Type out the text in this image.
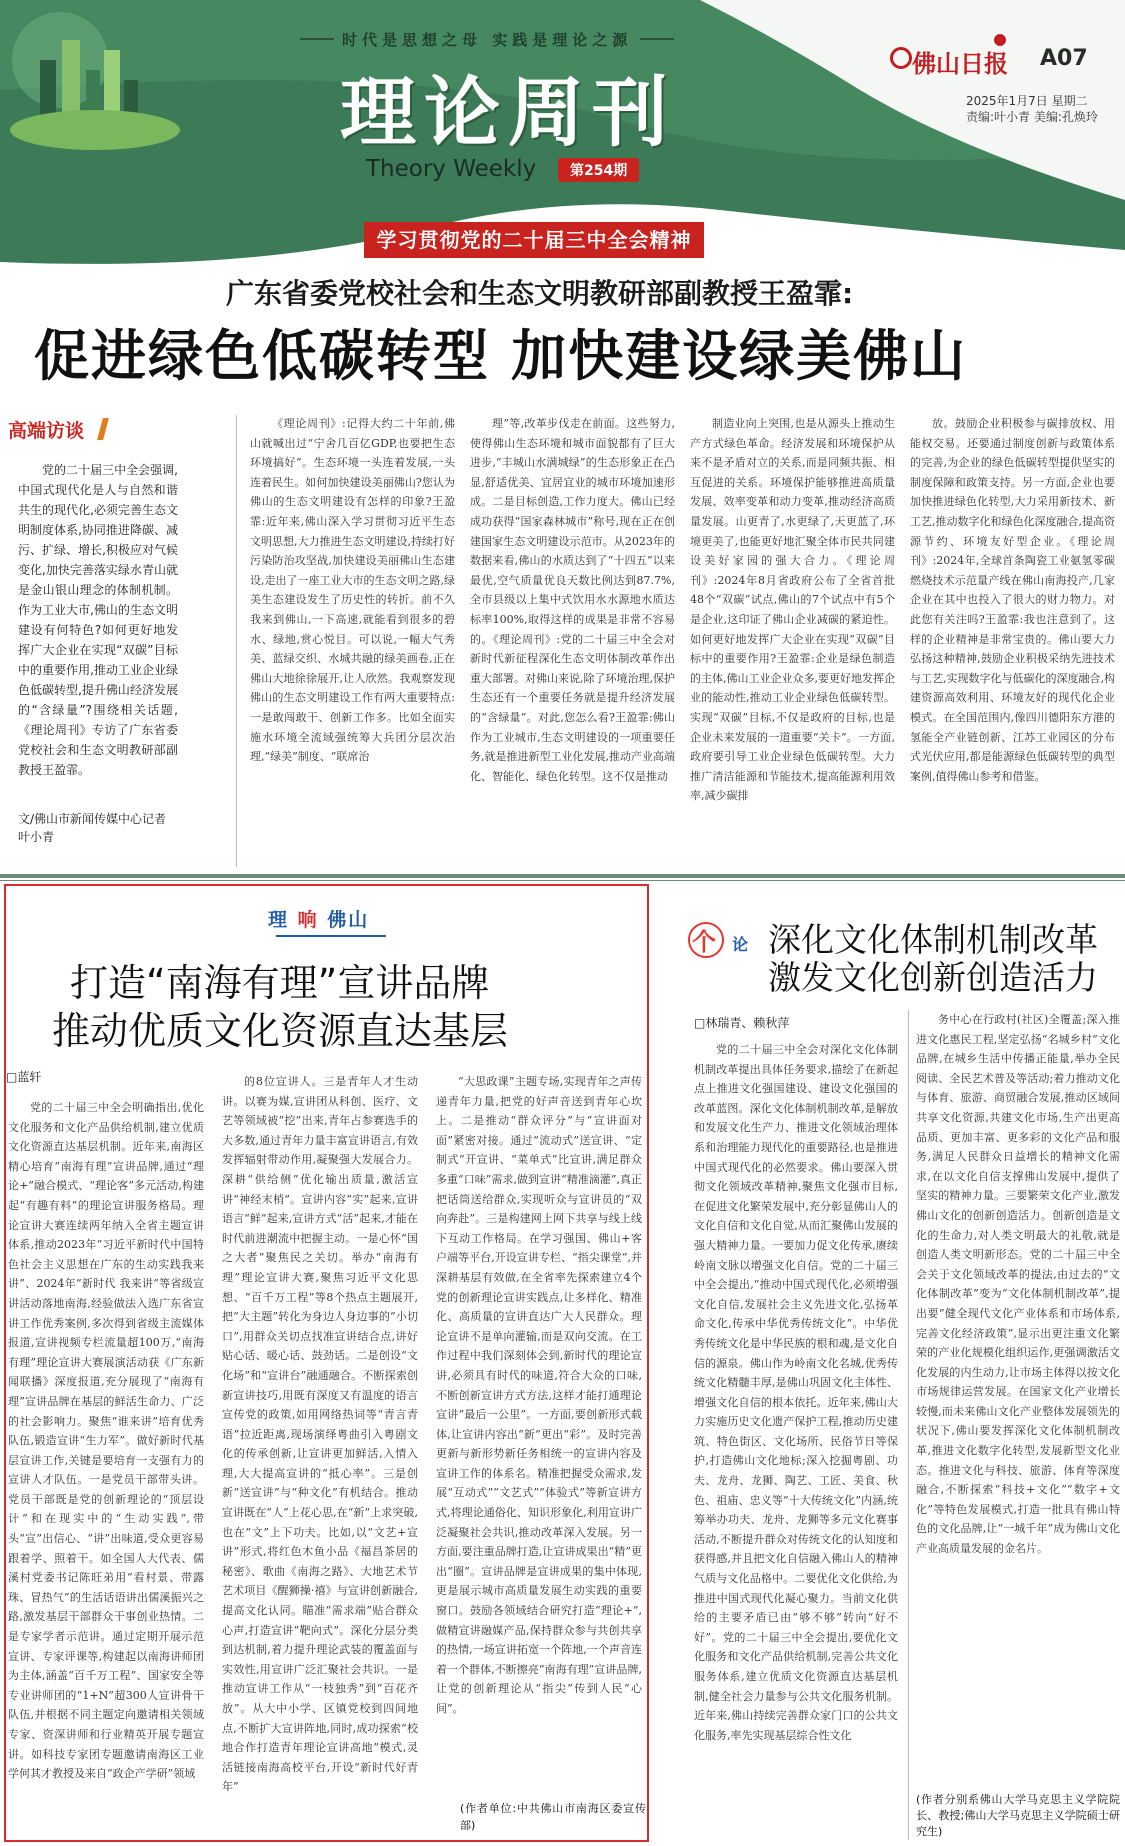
时代是思想之母 实践是理论之源
理论周刊
Theory Weekly	第254期
佛山日报 A07
2025年1月7日 星期二
责编:叶小青 美编:孔焕玲
学习贯彻党的二十届三中全会精神
广东省委党校社会和生态文明教研部副教授王盈霏:
促进绿色低碳转型 加快建设绿美佛山
高端访谈
党的二十届三中全会强调,中国式现代化是人与自然和谐共生的现代化,必须完善生态文明制度体系,协同推进降碳、减污、扩绿、增长,积极应对气候变化,加快完善落实绿水青山就是金山银山理念的体制机制。作为工业大市,佛山的生态文明建设有何特色?如何更好地发挥广大企业在实现“双碳”目标中的重要作用,推动工业企业绿色低碳转型,提升佛山经济发展的“含绿量”?围绕相关话题,《理论周刊》专访了广东省委党校社会和生态文明教研部副教授王盈霏。
文/佛山市新闻传媒中心记者叶小青

《理论周刊》:记得大约二十年前,佛山就喊出过“宁舍几百亿GDP,也要把生态环境搞好”。生态环境一头连着发展,一头连着民生。如何加快建设美丽佛山?您认为佛山的生态文明建设有怎样的印象?王盈霏:近年来,佛山深入学习贯彻习近平生态文明思想,大力推进生态文明建设,持续打好污染防治攻坚战,加快建设美丽佛山生态建设,走出了一座工业大市的生态文明之路,绿美生态建设发生了历史性的转折。前不久我来到佛山,一下高速,就能看到很多的碧水、绿地,赏心悦目。可以说,一幅大气秀美、蓝绿交织、水城共融的绿美画卷,正在佛山大地徐徐展开,让人欣然。我观察发现佛山的生态文明建设工作有两大重要特点:一是敢闯敢干、创新工作多。比如全面实施水环境全流域强统筹大兵团分层次治理,“绿美”制度、“联席治

理”等,改革步伐走在前面。这些努力,使得佛山生态环境和城市面貌都有了巨大进步,“丰城山水满城绿”的生态形象正在凸显,舒适优美、宜居宜业的城市环境加速形成。二是目标创造,工作力度大。佛山已经成功获得“国家森林城市”称号,现在正在创建国家生态文明建设示范市。从2023年的数据来看,佛山的水质达到了“十四五”以来最优,空气质量优良天数比例达到87.7%,全市县级以上集中式饮用水水源地水质达标率100%,取得这样的成果是非常不容易的。《理论周刊》:党的二十届三中全会对新时代新征程深化生态文明体制改革作出重大部署。对佛山来说,除了环境治理,保护生态还有一个重要任务就是提升经济发展的“含绿量”。对此,您怎么看?王盈霏:佛山作为工业城市,生态文明建设的一项重要任务,就是推进新型工业化发展,推动产业高端化、智能化、绿色化转型。这不仅是推动

制造业向上突围,也是从源头上推动生产方式绿色革命。经济发展和环境保护从来不是矛盾对立的关系,而是同频共振、相互促进的关系。环境保护能够推进高质量发展、效率变革和动力变革,推动经济高质量发展。山更青了,水更绿了,天更蓝了,环境更美了,也能更好地汇聚全体市民共同建设美好家园的强大合力。《理论周刊》:2024年8月省政府公布了全省首批48个“双碳”试点,佛山的7个试点中有5个是企业,这印证了佛山企业减碳的紧迫性。如何更好地发挥广大企业在实现“双碳”目标中的重要作用?王盈霏:企业是绿色制造的主体,佛山工业企业众多,要更好地发挥企业的能动性,推动工业企业绿色低碳转型。实现“双碳”目标,不仅是政府的目标,也是企业未来发展的一道重要“关卡”。一方面,政府要引导工业企业绿色低碳转型。大力推广清洁能源和节能技术,提高能源利用效率,减少碳排

放。鼓励企业积极参与碳排放权、用能权交易。还要通过制度创新与政策体系的完善,为企业的绿色低碳转型提供坚实的制度保障和政策支持。另一方面,企业也要加快推进绿色化转型,大力采用新技术、新工艺,推动数字化和绿色化深度融合,提高资源节约、环境友好型企业。《理论周刊》:2024年,全球首条陶瓷工业氨氢零碳燃烧技术示范量产线在佛山南海投产,几家企业在其中也投入了很大的财力物力。对此您有关注吗?王盈霏:我也注意到了。这样的企业精神是非常宝贵的。佛山要大力弘扬这种精神,鼓励企业积极采纳先进技术与工艺,实现数字化与低碳化的深度融合,构建资源高效利用、环境友好的现代化企业模式。在全国范围内,像四川德阳东方港的氢能全产业链创新、江苏工业园区的分布式光伏应用,都是能源绿色低碳转型的典型案例,值得佛山参考和借鉴。

理 响 佛山
打造“南海有理”宣讲品牌
推动优质文化资源直达基层
□蓝轩

党的二十届三中全会明确指出,优化文化服务和文化产品供给机制,建立优质文化资源直达基层机制。近年来,南海区精心培育“南海有理”宣讲品牌,通过“理论+”融合模式、“理论客”多元活动,构建起“有趣有料”的理论宣讲服务格局。理论宣讲大赛连续两年纳入全省主题宣讲体系,推动2023年“习近平新时代中国特色社会主义思想在广东的生动实践我来讲”、2024年“新时代 我来讲”等省级宣讲活动落地南海,经验做法入选广东省宣讲工作优秀案例,多次得到省级主流媒体报道,宣讲视频专栏流量超100万,“南海有理”理论宣讲大赛展演活动获《广东新闻联播》深度报道,充分展现了“南海有理”宣讲品牌在基层的鲜活生命力、广泛的社会影响力。聚焦“谁来讲”培育优秀队伍,锻造宣讲“生力军”。做好新时代基层宣讲工作,关键是要培育一支强有力的宣讲人才队伍。一是党员干部带头讲。党员干部既是党的创新理论的“顶层设计”和在现实中的“生动实践”,带头“宣”出信心、“讲”出味道,受众更容易跟着学、照着干。如全国人大代表、儒溪村党委书记陈旺弟用“看村景、带露珠、冒热气”的生活话语讲出儒溪振兴之路,激发基层干部群众干事创业热情。二是专家学者示范讲。通过定期开展示范宣讲、专家评课等,构建起以南海讲师团为主体,涵盖“百千万工程”、国家安全等专业讲师团的“1+N”超300人宣讲骨干队伍,并根据不同主题定向邀请相关领域专家、资深讲师和行业精英开展专题宣讲。如科技专家团专题邀请南海区工业学何其才教授及来自“政企产学研”领域

的8位宣讲人。三是青年人才生动讲。以赛为媒,宣讲团从科创、医疗、文艺等领域被“挖”出来,青年占参赛选手的大多数,通过青年力量丰富宣讲语言,有效发挥辐射带动作用,凝聚强大发展合力。深耕“供给侧”优化输出质量,激活宣讲“神经末梢”。宣讲内容“实”起来,宣讲语言“鲜”起来,宣讲方式“活”起来,才能在时代前进潮流中把握主动。一是心怀“国之大者”聚焦民之关切。举办“南海有理”理论宣讲大赛,聚焦习近平文化思想、“百千万工程”等8个热点主题展开,把“大主题”转化为身边人身边事的“小切口”,用群众关切点找准宣讲结合点,讲好贴心话、暖心话、鼓劲话。二是创设“文化场”和“宣讲台”融通融合。不断探索创新宣讲技巧,用既有深度又有温度的语言宣传党的政策,如用网络热词等“青言青语”拉近距离,现场演绎粤曲引入粤剧文化的传承创新,让宣讲更加鲜活,入情入理,大大提高宣讲的“抵心率”。三是创新“送宣讲”与“种文化”有机结合。推动宣讲既在“人”上花心思,在“新”上求突破,也在“文”上下功夫。比如,以“文艺+宣讲”形式,将红色木鱼小品《福昌茶居的秘密》、歌曲《南海之路》、大地艺术节艺术项目《醒狮操·禧》与宣讲创新融合,提高文化认同。瞄准“需求端”贴合群众心声,打造宣讲“靶向式”。深化分层分类到达机制,着力提升理论武装的覆盖面与实效性,用宣讲广泛汇聚社会共识。一是推动宣讲工作从“一枝独秀”到“百花齐放”。从大中小学、区镇党校到四间地点,不断扩大宣讲阵地,同时,成功探索“校地合作打造青年理论宣讲高地”模式,灵活链接南海高校平台,开设“新时代好青年”

“大思政课”主题专场,实现青年之声传递青年力量,把党的好声音送到青年心坎上。二是推动“群众评分”与“宣讲面对面”紧密对接。通过“流动式”送宣讲、“定制式”开宣讲、“菜单式”比宣讲,满足群众多重“口味”需求,做到宣讲“精准滴灌”,真正把话筒送给群众,实现听众与宣讲员的“双向奔赴”。三是构建网上网下共享与线上线下互动工作格局。在学习强国、佛山+客户端等平台,开设宣讲专栏、“指尖课堂”,并深耕基层有效做,在全省率先探索建立4个党的创新理论宣讲实践点,让多样化、精准化、高质量的宣讲直达广大人民群众。理论宣讲不是单向灌输,而是双向交流。在工作过程中我们深刻体会到,新时代的理论宣讲,必须具有时代的味道,符合大众的口味,不断创新宣讲方式方法,这样才能打通理论宣讲“最后一公里”。一方面,要创新形式载体,让宣讲内容出“新”更出“彩”。及时完善更新与新形势新任务相统一的宣讲内容及宣讲工作的体系名。精准把握受众需求,发展“互动式”“文艺式”“体验式”等新宣讲方式,将理论通俗化、知识形象化,利用宣讲广泛凝聚社会共识,推动改革深入发展。另一方面,要注重品牌打造,让宣讲成果出“精”更出“圈”。宣讲品牌是宣讲成果的集中体现,更是展示城市高质量发展生动实践的重要窗口。鼓励各领域结合研究打造“理论+”,做精宣讲融媒产品,保持群众参与共创共享的热情,一场宣讲拓宽一个阵地,一个声音连着一个群体,不断擦亮“南海有理”宣讲品牌,让党的创新理论从“指尖”传到人民“心间”。

(作者单位:中共佛山市南海区委宣传部)
个 论 深化文化体制机制改革
激发文化创新创造活力
□林瑞青、赖秋萍

党的二十届三中全会对深化文化体制机制改革提出具体任务要求,描绘了在新起点上推进文化强国建设、建设文化强国的改革蓝图。深化文化体制机制改革,是解放和发展文化生产力、推进文化领域治理体系和治理能力现代化的重要路径,也是推进中国式现代化的必然要求。佛山要深入贯彻文化领域改革精神,聚焦文化强市目标,在促进文化繁荣发展中,充分彰显佛山人的文化自信和文化自觉,从而汇聚佛山发展的强大精神力量。一要加力促文化传承,赓续岭南文脉以增强文化自信。党的二十届三中全会提出,“推动中国式现代化,必须增强文化自信,发展社会主义先进文化,弘扬革命文化,传承中华优秀传统文化”。中华优秀传统文化是中华民族的根和魂,是文化自信的源泉。佛山作为岭南文化名城,优秀传统文化精髓丰厚,是佛山巩固文化主体性、增强文化自信的根本依托。近年来,佛山大力实施历史文化遗产保护工程,推动历史建筑、特色街区、文化场所、民俗节日等保护,打造佛山文化地标;深入挖掘粤剧、功夫、龙舟、龙狮、陶艺、工匠、美食、秋色、祖庙、忠义等“十大传统文化”内涵,统筹举办功夫、龙舟、龙狮等多元文化赛事活动,不断提升群众对传统文化的认知度和获得感,并且把文化自信融入佛山人的精神气质与文化品格中。二要优化文化供给,为推进中国式现代化凝心聚力。当前文化供给的主要矛盾已由“够不够”转向“好不好”。党的二十届三中全会提出,要优化文化服务和文化产品供给机制,完善公共文化服务体系,建立优质文化资源直达基层机制,健全社会力量参与公共文化服务机制。近年来,佛山持续完善群众家门口的公共文化服务,率先实现基层综合性文化

务中心在行政村(社区)全覆盖;深入推进文化惠民工程,坚定弘扬“名城乡村”文化品牌,在城乡生活中传播正能量,举办全民阅读、全民艺术普及等活动;着力推动文化与体育、旅游、商贸融合发展,推动区域间共享文化资源,共建文化市场,生产出更高品质、更加丰富、更多彩的文化产品和服务,满足人民群众日益增长的精神文化需求,在以文化自信支撑佛山发展中,提供了坚实的精神力量。三要繁荣文化产业,激发佛山文化的创新创造活力。创新创造是文化的生命力,对人类文明最大的礼敬,就是创造人类文明新形态。党的二十届三中全会关于文化领域改革的提法,由过去的“文化体制改革”变为“文化体制机制改革”,提出要“健全现代文化产业体系和市场体系,完善文化经济政策”,显示出更注重文化繁荣的产业化规模化组织运作,更强调激活文化发展的内生动力,让市场主体得以按文化市场规律运营发展。在国家文化产业增长较慢,而未来佛山文化产业整体发展领先的状况下,佛山要发挥深化文化体制机制改革,推进文化数字化转型,发展新型文化业态。推进文化与科技、旅游、体育等深度融合,不断探索“科技+文化”“数字+文化”等特色发展模式,打造一批具有佛山特色的文化品牌,让“一城千年”成为佛山文化产业高质量发展的金名片。

(作者分别系佛山大学马克思主义学院院长、教授;佛山大学马克思主义学院硕士研究生)
